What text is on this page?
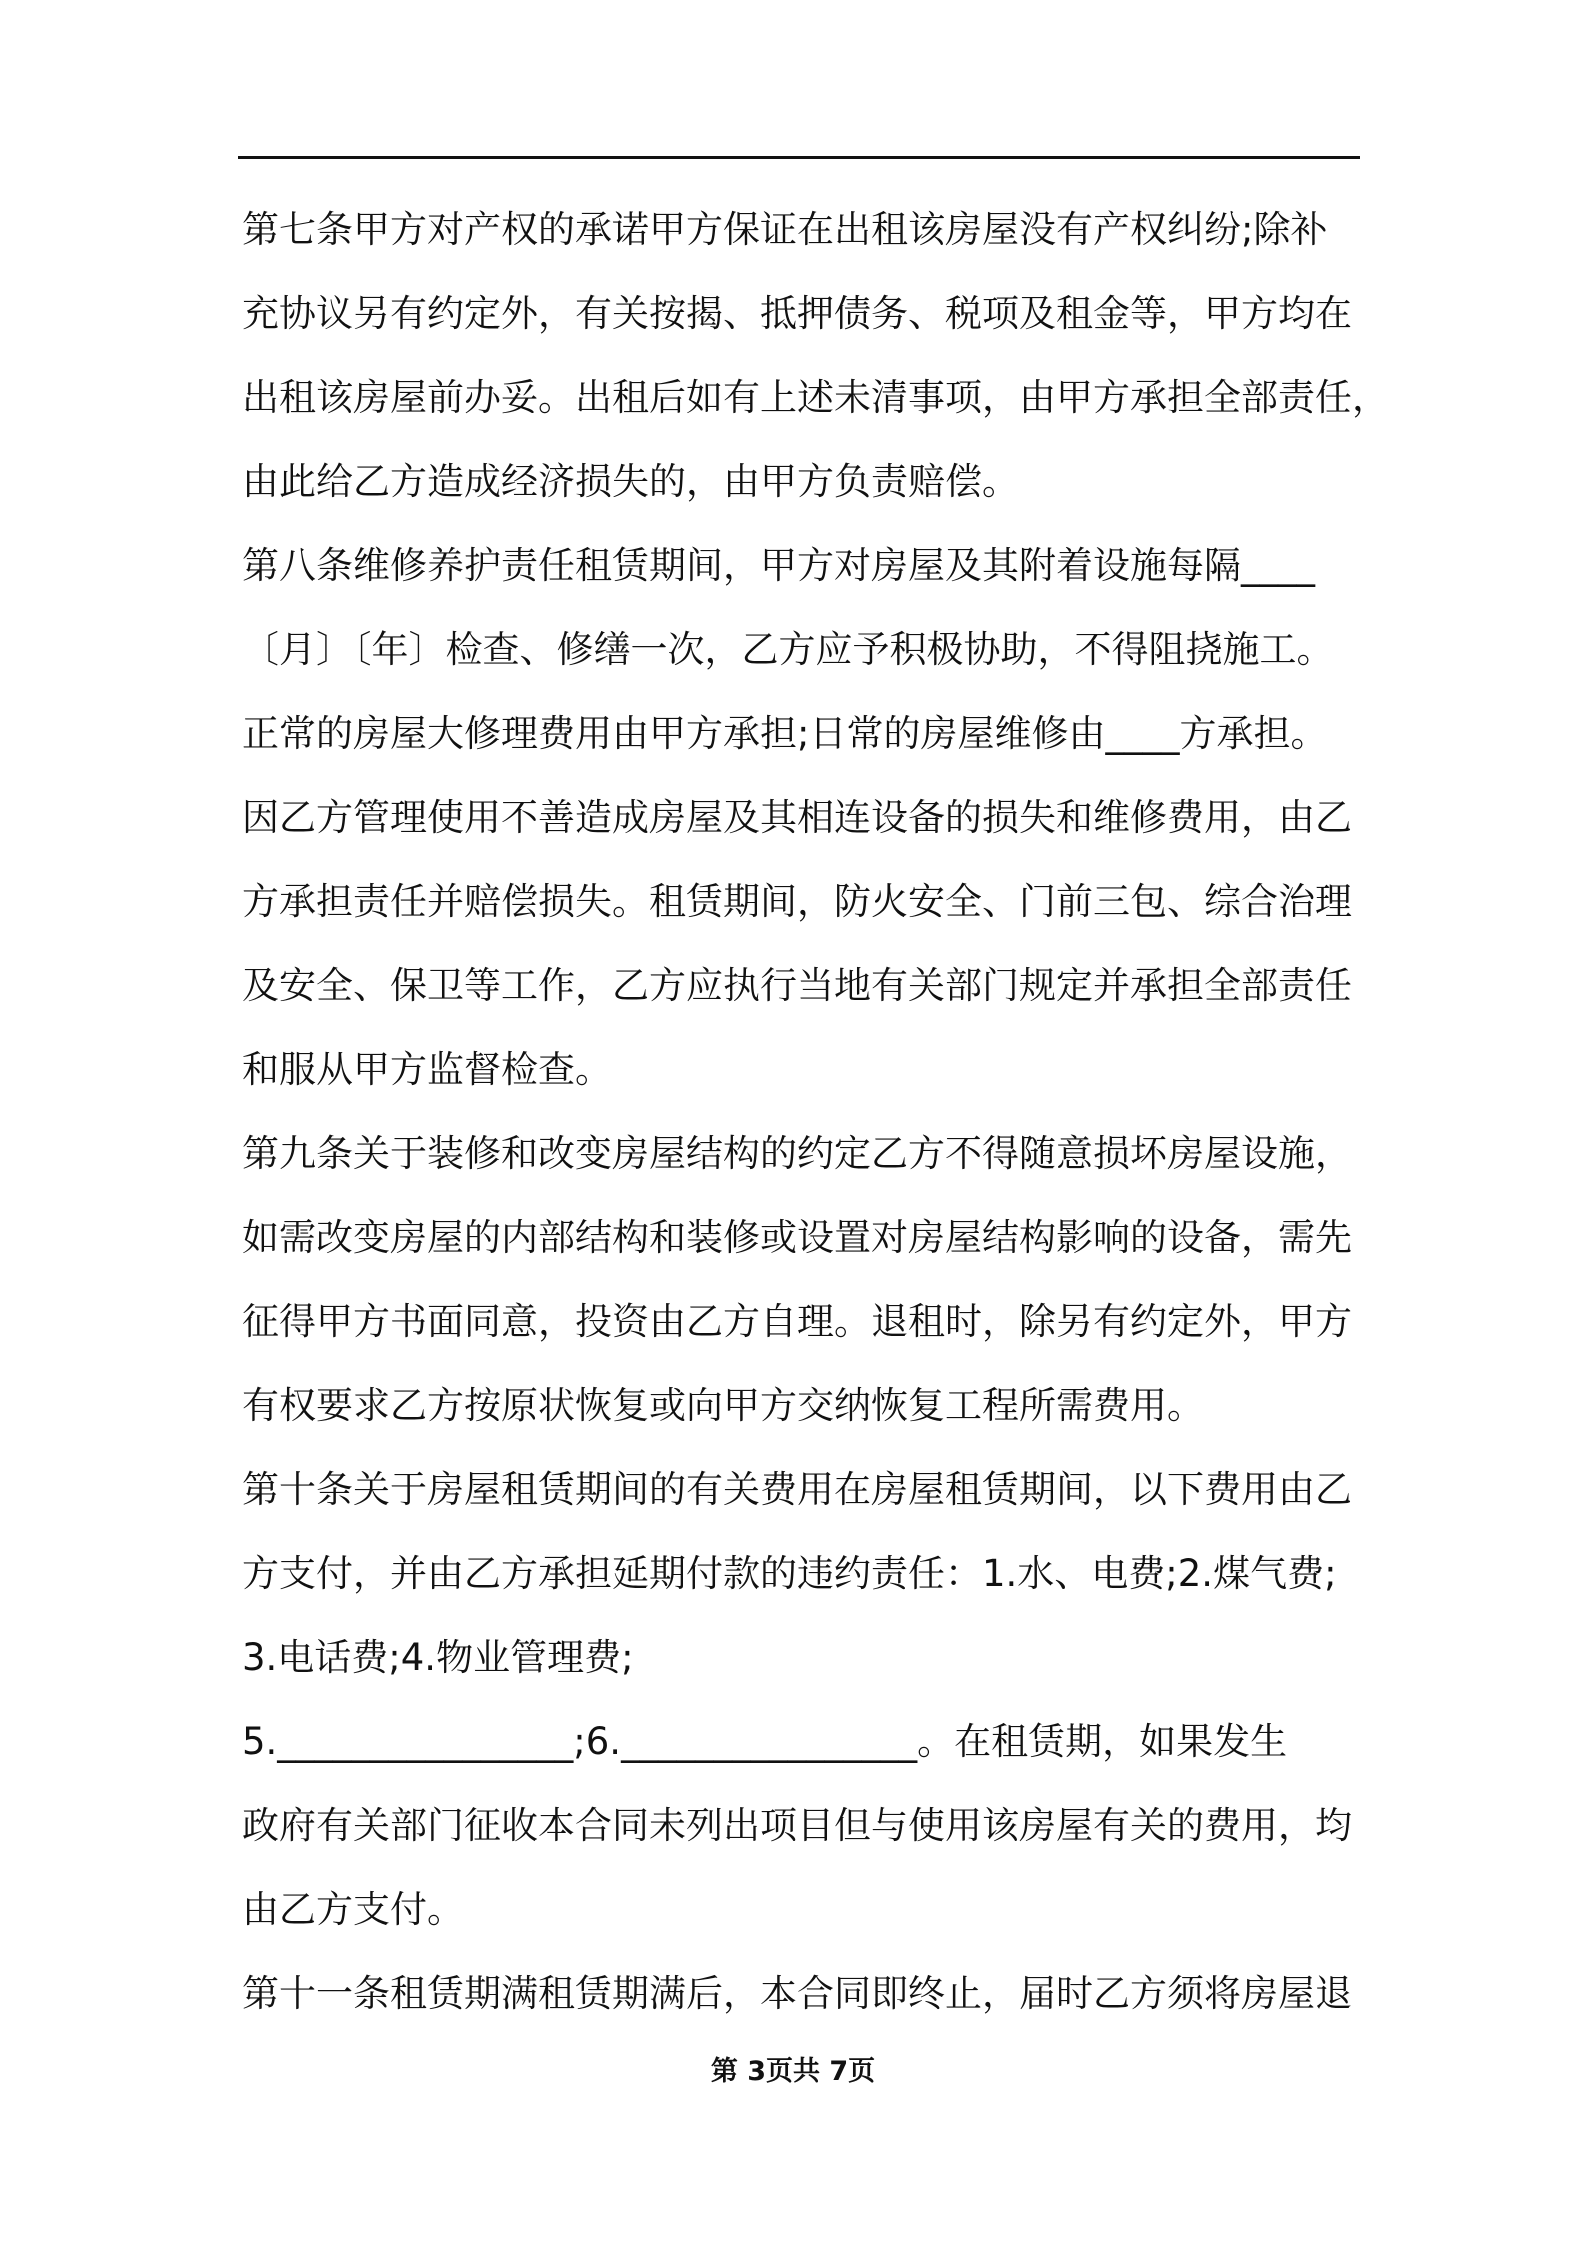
第七条甲方对产权的承诺甲方保证在出租该房屋没有产权纠纷;除补
充协议另有约定外，有关按揭、抵押债务、税项及租金等，甲方均在
出租该房屋前办妥。出租后如有上述未清事项，由甲方承担全部责任，
由此给乙方造成经济损失的，由甲方负责赔偿。
第八条维修养护责任租赁期间，甲方对房屋及其附着设施每隔____
〔月〕〔年〕检查、修缮一次，乙方应予积极协助，不得阻挠施工。
正常的房屋大修理费用由甲方承担;日常的房屋维修由____方承担。
因乙方管理使用不善造成房屋及其相连设备的损失和维修费用，由乙
方承担责任并赔偿损失。租赁期间，防火安全、门前三包、综合治理
及安全、保卫等工作，乙方应执行当地有关部门规定并承担全部责任
和服从甲方监督检查。
第九条关于装修和改变房屋结构的约定乙方不得随意损坏房屋设施，
如需改变房屋的内部结构和装修或设置对房屋结构影响的设备，需先
征得甲方书面同意，投资由乙方自理。退租时，除另有约定外，甲方
有权要求乙方按原状恢复或向甲方交纳恢复工程所需费用。
第十条关于房屋租赁期间的有关费用在房屋租赁期间，以下费用由乙
方支付，并由乙方承担延期付款的违约责任：1.水、电费;2.煤气费;
3.电话费;4.物业管理费;
5.________________;6.________________。在租赁期，如果发生
政府有关部门征收本合同未列出项目但与使用该房屋有关的费用，均
由乙方支付。
第十一条租赁期满租赁期满后，本合同即终止，届时乙方须将房屋退
第 3页共 7页
